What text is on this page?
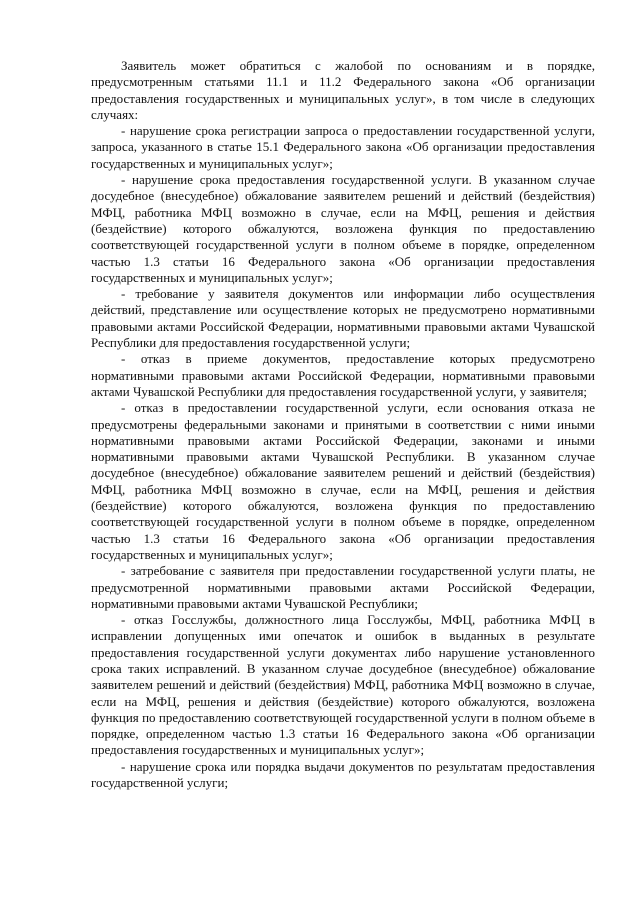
Заявитель может обратиться с жалобой по основаниям и в порядке, предусмотренным статьями 11.1 и 11.2 Федерального закона «Об организации предоставления государственных и муниципальных услуг», в том числе в следующих случаях:

- нарушение срока регистрации запроса о предоставлении государственной услуги, запроса, указанного в статье 15.1 Федерального закона «Об организации предоставления государственных и муниципальных услуг»;

- нарушение срока предоставления государственной услуги. В указанном случае досудебное (внесудебное) обжалование заявителем решений и действий (бездействия) МФЦ, работника МФЦ возможно в случае, если на МФЦ, решения и действия (бездействие) которого обжалуются, возложена функция по предоставлению соответствующей государственной услуги в полном объеме в порядке, определенном частью 1.3 статьи 16 Федерального закона «Об организации предоставления государственных и муниципальных услуг»;

- требование у заявителя документов или информации либо осуществления действий, представление или осуществление которых не предусмотрено нормативными правовыми актами Российской Федерации, нормативными правовыми актами Чувашской Республики для предоставления государственной услуги;

- отказ в приеме документов, предоставление которых предусмотрено нормативными правовыми актами Российской Федерации, нормативными правовыми актами Чувашской Республики для предоставления государственной услуги, у заявителя;

- отказ в предоставлении государственной услуги, если основания отказа не предусмотрены федеральными законами и принятыми в соответствии с ними иными нормативными правовыми актами Российской Федерации, законами и иными нормативными правовыми актами Чувашской Республики. В указанном случае досудебное (внесудебное) обжалование заявителем решений и действий (бездействия) МФЦ, работника МФЦ возможно в случае, если на МФЦ, решения и действия (бездействие) которого обжалуются, возложена функция по предоставлению соответствующей государственной услуги в полном объеме в порядке, определенном частью 1.3 статьи 16 Федерального закона «Об организации предоставления государственных и муниципальных услуг»;

- затребование с заявителя при предоставлении государственной услуги платы, не предусмотренной нормативными правовыми актами Российской Федерации, нормативными правовыми актами Чувашской Республики;

- отказ Госслужбы, должностного лица Госслужбы, МФЦ, работника МФЦ в исправлении допущенных ими опечаток и ошибок в выданных в результате предоставления государственной услуги документах либо нарушение установленного срока таких исправлений. В указанном случае досудебное (внесудебное) обжалование заявителем решений и действий (бездействия) МФЦ, работника МФЦ возможно в случае, если на МФЦ, решения и действия (бездействие) которого обжалуются, возложена функция по предоставлению соответствующей государственной услуги в полном объеме в порядке, определенном частью 1.3 статьи 16 Федерального закона «Об организации предоставления государственных и муниципальных услуг»;

- нарушение срока или порядка выдачи документов по результатам предоставления государственной услуги;
